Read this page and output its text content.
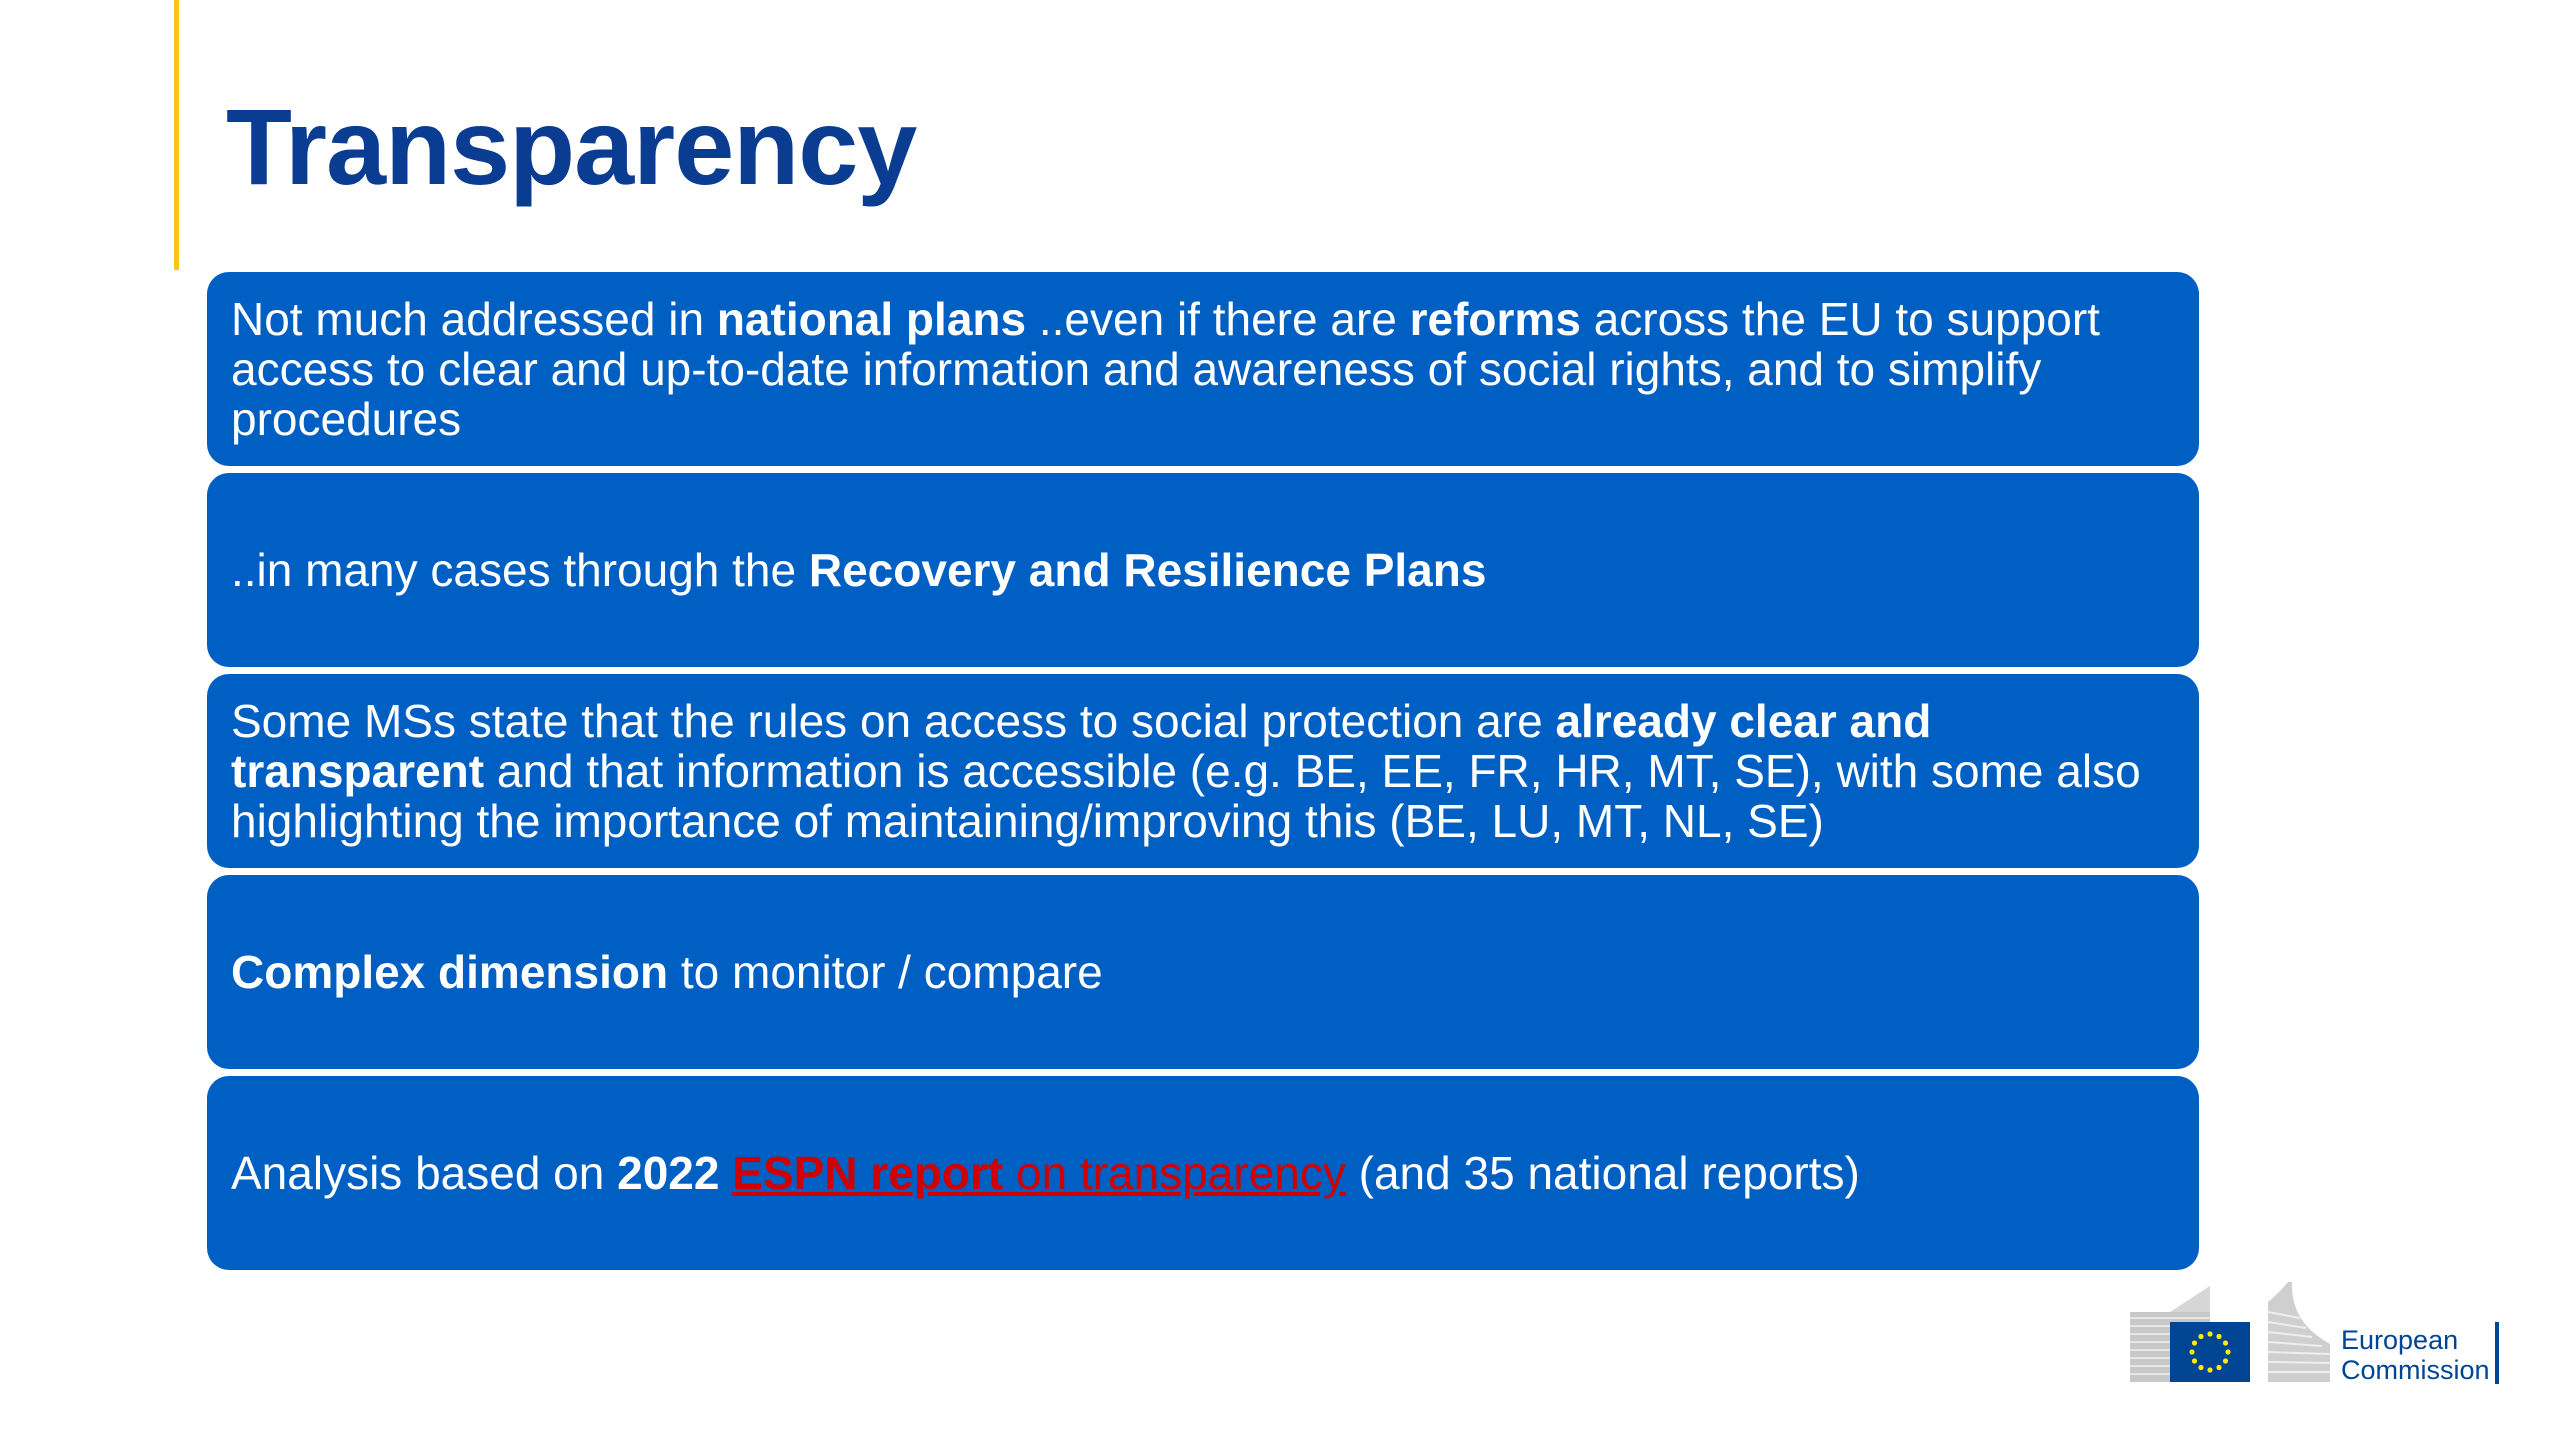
Transparency

Not much addressed in national plans ..even if there are reforms across the EU to support access to clear and up-to-date information and awareness of social rights, and to simplify procedures

..in many cases through the Recovery and Resilience Plans

Some MSs state that the rules on access to social protection are already clear and transparent and that information is accessible (e.g. BE, EE, FR, HR, MT, SE), with some also highlighting the importance of maintaining/improving this (BE, LU, MT, NL, SE)

Complex dimension to monitor / compare

Analysis based on 2022 ESPN report on transparency (and 35 national reports)

European
Commission
